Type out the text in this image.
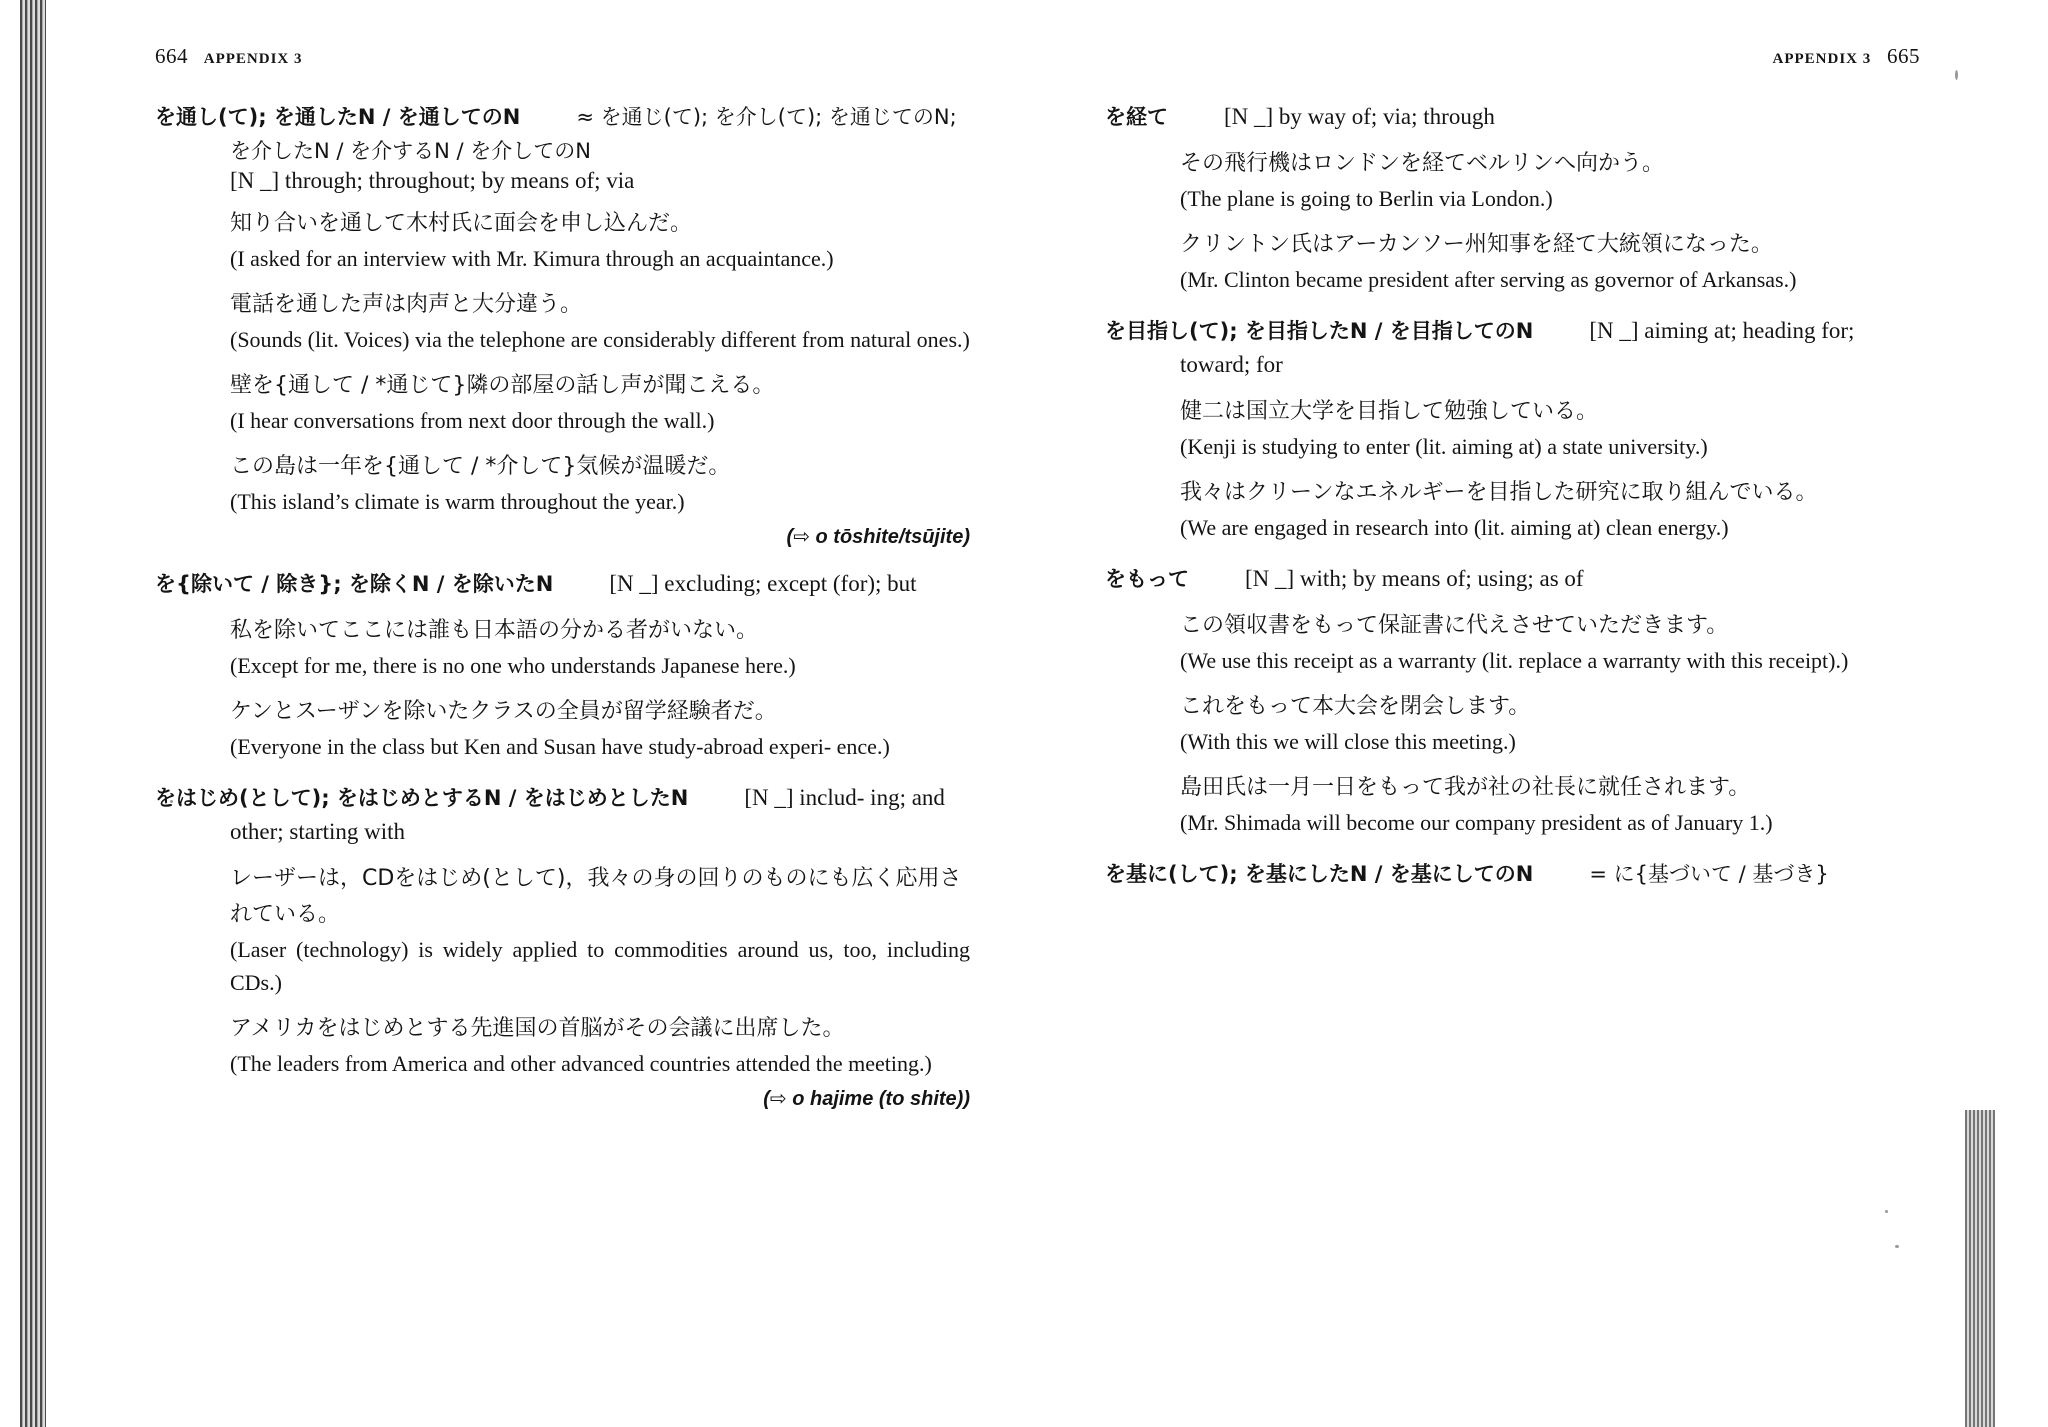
664 APPENDIX 3
を通し(て); を通したN / を通してのN	≈ を通じ(て); を介し(て); を通じてのN; を介したN / を介するN / を介してのN
[N _] through; throughout; by means of; via
知り合いを通して木村氏に面会を申し込んだ。
(I asked for an interview with Mr. Kimura through an acquaintance.)
電話を通した声は肉声と大分違う。
(Sounds (lit. Voices) via the telephone are considerably different from natural ones.)
壁を{通して / *通じて}隣の部屋の話し声が聞こえる。
(I hear conversations from next door through the wall.)
この島は一年を{通して / *介して}気候が温暖だ。
(This island’s climate is warm throughout the year.)
(⇨ o tōshite/tsūjite)
を{除いて / 除き}; を除くN / を除いたN [N _] excluding; except (for); but
私を除いてここには誰も日本語の分かる者がいない。
(Except for me, there is no one who understands Japanese here.)
ケンとスーザンを除いたクラスの全員が留学経験者だ。
(Everyone in the class but Ken and Susan have study-abroad experi- ence.)
をはじめ(として); をはじめとするN / をはじめとしたN [N _] includ- ing; and other; starting with
レーザーは，CDをはじめ(として)，我々の身の回りのものにも広く応用されている。
(Laser (technology) is widely applied to commodities around us, too, including CDs.)
アメリカをはじめとする先進国の首脳がその会議に出席した。
(The leaders from America and other advanced countries attended the meeting.)
(⇨ o hajime (to shite))
APPENDIX 3 665
を経て [N _] by way of; via; through
その飛行機はロンドンを経てベルリンへ向かう。
(The plane is going to Berlin via London.)
クリントン氏はアーカンソー州知事を経て大統領になった。
(Mr. Clinton became president after serving as governor of Arkansas.)
を目指し(て); を目指したN / を目指してのN [N _] aiming at; heading for; toward; for
健二は国立大学を目指して勉強している。
(Kenji is studying to enter (lit. aiming at) a state university.)
我々はクリーンなエネルギーを目指した研究に取り組んでいる。
(We are engaged in research into (lit. aiming at) clean energy.)
をもって [N _] with; by means of; using; as of
この領収書をもって保証書に代えさせていただきます。
(We use this receipt as a warranty (lit. replace a warranty with this receipt).)
これをもって本大会を閉会します。
(With this we will close this meeting.)
島田氏は一月一日をもって我が社の社長に就任されます。
(Mr. Shimada will become our company president as of January 1.)
を基に(して); を基にしたN / を基にしてのN	= に{基づいて / 基づき}
